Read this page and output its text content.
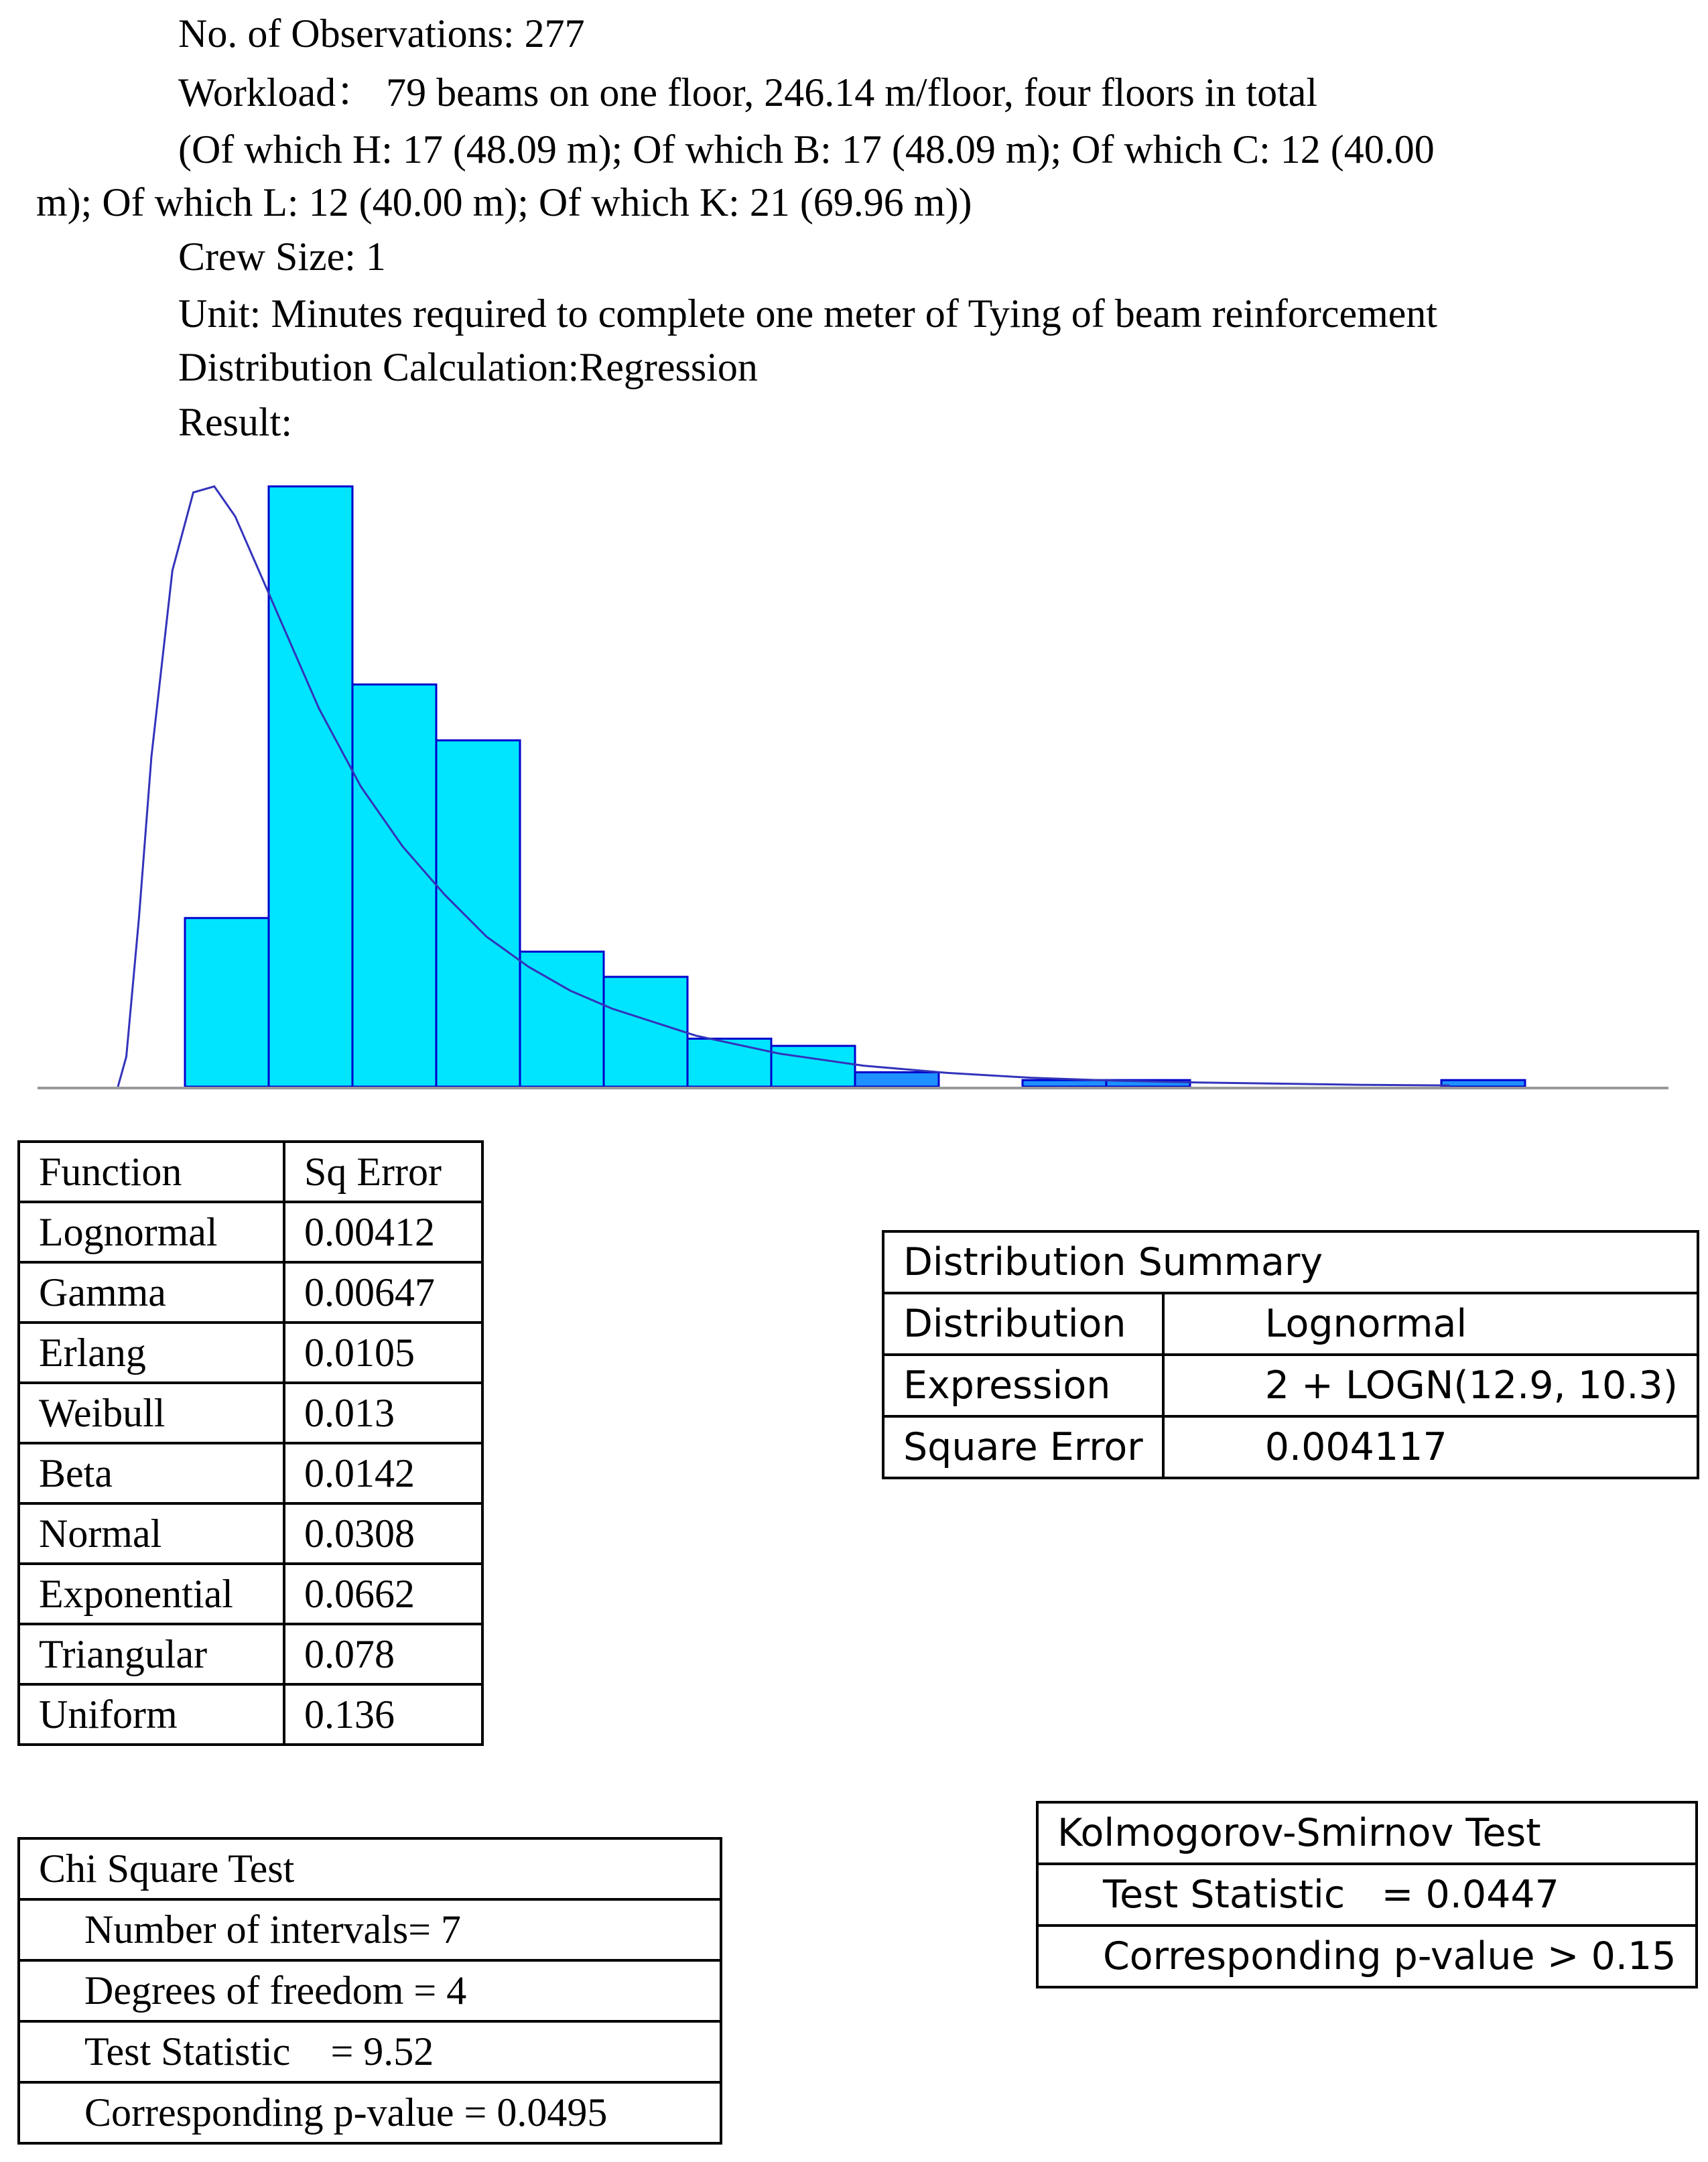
No. of Observations: 277
Workload： 79 beams on one floor, 246.14 m/floor, four floors in total
(Of which H: 17 (48.09 m); Of which B: 17 (48.09 m); Of which C: 12 (40.00
m); Of which L: 12 (40.00 m); Of which K: 21 (69.96 m))
Crew Size: 1
Unit: Minutes required to complete one meter of Tying of beam reinforcement
Distribution Calculation:Regression
Result:
Function	Sq Error
Lognormal	0.00412
Gamma	0.00647
Erlang	0.0105
Weibull	0.013
Beta	0.0142
Normal	0.0308
Exponential	0.0662
Triangular	0.078
Uniform	0.136
Distribution Summary	
Distribution	Lognormal
Expression	2 + LOGN(12.9, 10.3)
Square Error	0.004117
Chi Square Test
Number of intervals= 7
Degrees of freedom = 4
Test Statistic    = 9.52
Corresponding p-value = 0.0495
Kolmogorov-Smirnov Test
Test Statistic   = 0.0447
Corresponding p-value > 0.15
